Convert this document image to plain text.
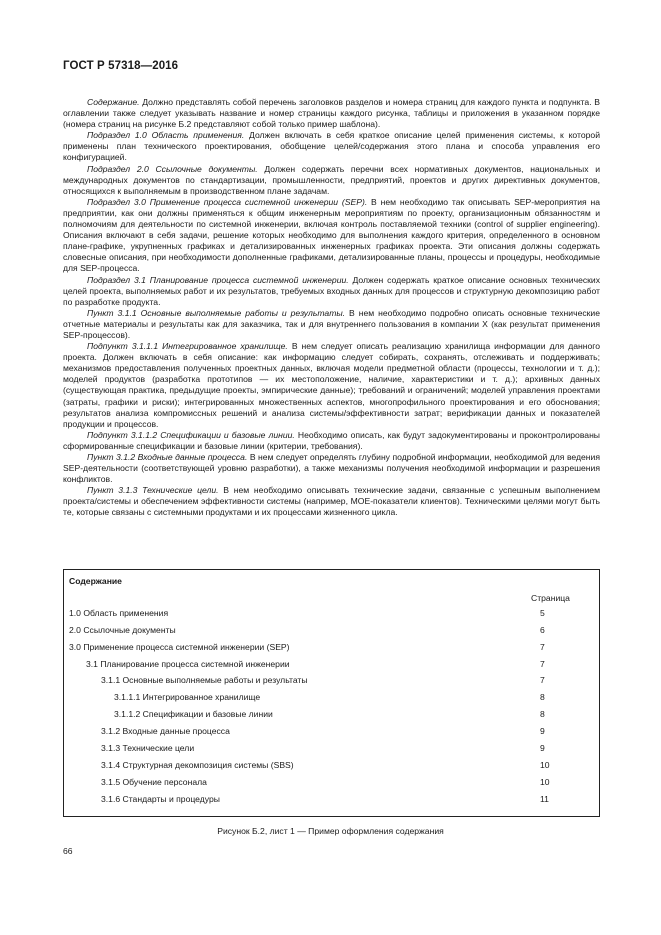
ГОСТ Р 57318—2016

Содержание. Должно представлять собой перечень заголовков разделов и номера страниц для каждого пункта и подпункта. В оглавлении также следует указывать название и номер страницы каждого рисунка, таблицы и приложения в указанном порядке (номера страниц на рисунке Б.2 представляют собой только пример шаблона).

Подраздел 1.0 Область применения. Должен включать в себя краткое описание целей применения системы, к которой применены план технического проектирования, обобщение целей/содержания этого плана и способа управления его конфигурацией.

Подраздел 2.0 Ссылочные документы. Должен содержать перечни всех нормативных документов, национальных и международных документов по стандартизации, промышленности, предприятий, проектов и других директивных документов, относящихся к выполняемым в производственном плане задачам.

Подраздел 3.0 Применение процесса системной инженерии (SEP). В нем необходимо так описывать SEP-мероприятия на предприятии, как они должны применяться к общим инженерным мероприятиям по проекту, организационным обязанностям и полномочиям для деятельности по системной инженерии, включая контроль поставляемой техники (control of supplier engineering). Описания включают в себя задачи, решение которых необходимо для выполнения каждого критерия, определенного в основном плане-графике, укрупненных графиках и детализированных инженерных графиках проекта. Эти описания должны содержать словесные описания, при необходимости дополненные графиками, детализированные планы, процессы и процедуры, необходимые для SEP-процесса.

Подраздел 3.1 Планирование процесса системной инженерии. Должен содержать краткое описание основных технических целей проекта, выполняемых работ и их результатов, требуемых входных данных для процессов и структурную декомпозицию работ по разработке продукта.

Пункт 3.1.1 Основные выполняемые работы и результаты. В нем необходимо подробно описать основные технические отчетные материалы и результаты как для заказчика, так и для внутреннего пользования в компании X (как результат применения SEP-процессов).

Подпункт 3.1.1.1 Интегрированное хранилище. В нем следует описать реализацию хранилища информации для данного проекта. Должен включать в себя описание: как информацию следует собирать, сохранять, отслеживать и поддерживать; механизмов предоставления полученных проектных данных, включая модели предметной области (процессы, технологии и т. д.); моделей продуктов (разработка прототипов — их местоположение, наличие, характеристики и т. д.); архивных данных (существующая практика, предыдущие проекты, эмпирические данные); требований и ограничений; моделей управления проектами (затраты, графики и риски); интегрированных множественных аспектов, многопрофильного проектирования и его обоснования; результатов анализа компромиссных решений и анализа системы/эффективности затрат; верификации данных и показателей продукции и процессов.

Подпункт 3.1.1.2 Спецификации и базовые линии. Необходимо описать, как будут задокументированы и проконтролированы сформированные спецификации и базовые линии (критерии, требования).

Пункт 3.1.2 Входные данные процесса. В нем следует определять глубину подробной информации, необходимой для ведения SEP-деятельности (соответствующей уровню разработки), а также механизмы получения необходимой информации и разрешения конфликтов.

Пункт 3.1.3 Технические цели. В нем необходимо описывать технические задачи, связанные с успешным выполнением проекта/системы и обеспечением эффективности системы (например, МОЕ-показатели клиентов). Техническими целями могут быть те, которые связаны с системными продуктами и их процессами жизненного цикла.

Содержание
Страница
1.0 Область применения	5
2.0 Ссылочные документы	6
3.0 Применение процесса системной инженерии (SEP)	7
3.1 Планирование процесса системной инженерии	7
3.1.1 Основные выполняемые работы и результаты	7
3.1.1.1 Интегрированное хранилище	8
3.1.1.2 Спецификации и базовые линии	8
3.1.2 Входные данные процесса	9
3.1.3 Технические цели	9
3.1.4 Структурная декомпозиция системы (SBS)	10
3.1.5 Обучение персонала	10
3.1.6 Стандарты и процедуры	11
Рисунок Б.2, лист 1 — Пример оформления содержания
66
